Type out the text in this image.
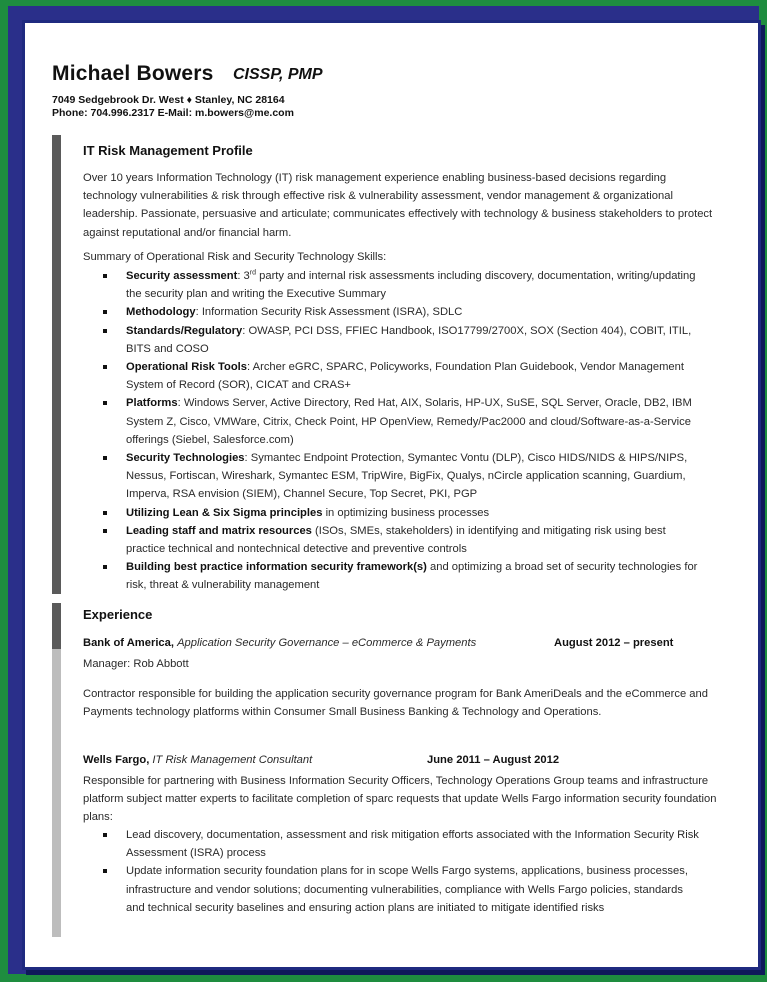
Michael Bowers CISSP, PMP
7049 Sedgebrook Dr. West ♦ Stanley, NC 28164
Phone: 704.996.2317 E-Mail: m.bowers@me.com
IT Risk Management Profile

Over 10 years Information Technology (IT) risk management experience enabling business-based decisions regarding technology vulnerabilities & risk through effective risk & vulnerability assessment, vendor management & organizational leadership. Passionate, persuasive and articulate; communicates effectively with technology & business stakeholders to protect against reputational and/or financial harm.

Summary of Operational Risk and Security Technology Skills:
Security assessment: 3rd party and internal risk assessments including discovery, documentation, writing/updating the security plan and writing the Executive Summary
Methodology: Information Security Risk Assessment (ISRA), SDLC
Standards/Regulatory: OWASP, PCI DSS, FFIEC Handbook, ISO17799/2700X, SOX (Section 404), COBIT, ITIL, BITS and COSO
Operational Risk Tools: Archer eGRC, SPARC, Policyworks, Foundation Plan Guidebook, Vendor Management System of Record (SOR), CICAT and CRAS+
Platforms: Windows Server, Active Directory, Red Hat, AIX, Solaris, HP-UX, SuSE, SQL Server, Oracle, DB2, IBM System Z, Cisco, VMWare, Citrix, Check Point, HP OpenView, Remedy/Pac2000 and cloud/Software-as-a-Service offerings (Siebel, Salesforce.com)
Security Technologies: Symantec Endpoint Protection, Symantec Vontu (DLP), Cisco HIDS/NIDS & HIPS/NIPS, Nessus, Fortiscan, Wireshark, Symantec ESM, TripWire, BigFix, Qualys, nCircle application scanning, Guardium, Imperva, RSA envision (SIEM), Channel Secure, Top Secret, PKI, PGP
Utilizing Lean & Six Sigma principles in optimizing business processes
Leading staff and matrix resources (ISOs, SMEs, stakeholders) in identifying and mitigating risk using best practice technical and nontechnical detective and preventive controls
Building best practice information security framework(s) and optimizing a broad set of security technologies for risk, threat & vulnerability management
Experience
Bank of America, Application Security Governance – eCommerce & Payments	August 2012 – present
Manager: Rob Abbott
Contractor responsible for building the application security governance program for Bank AmeriDeals and the eCommerce and Payments technology platforms within Consumer Small Business Banking & Technology and Operations.
Wells Fargo, IT Risk Management Consultant	June 2011 – August 2012
Responsible for partnering with Business Information Security Officers, Technology Operations Group teams and infrastructure platform subject matter experts to facilitate completion of sparc requests that update Wells Fargo information security foundation plans:
Lead discovery, documentation, assessment and risk mitigation efforts associated with the Information Security Risk Assessment (ISRA) process
Update information security foundation plans for in scope Wells Fargo systems, applications, business processes, infrastructure and vendor solutions; documenting vulnerabilities, compliance with Wells Fargo policies, standards and technical security baselines and ensuring action plans are initiated to mitigate identified risks
